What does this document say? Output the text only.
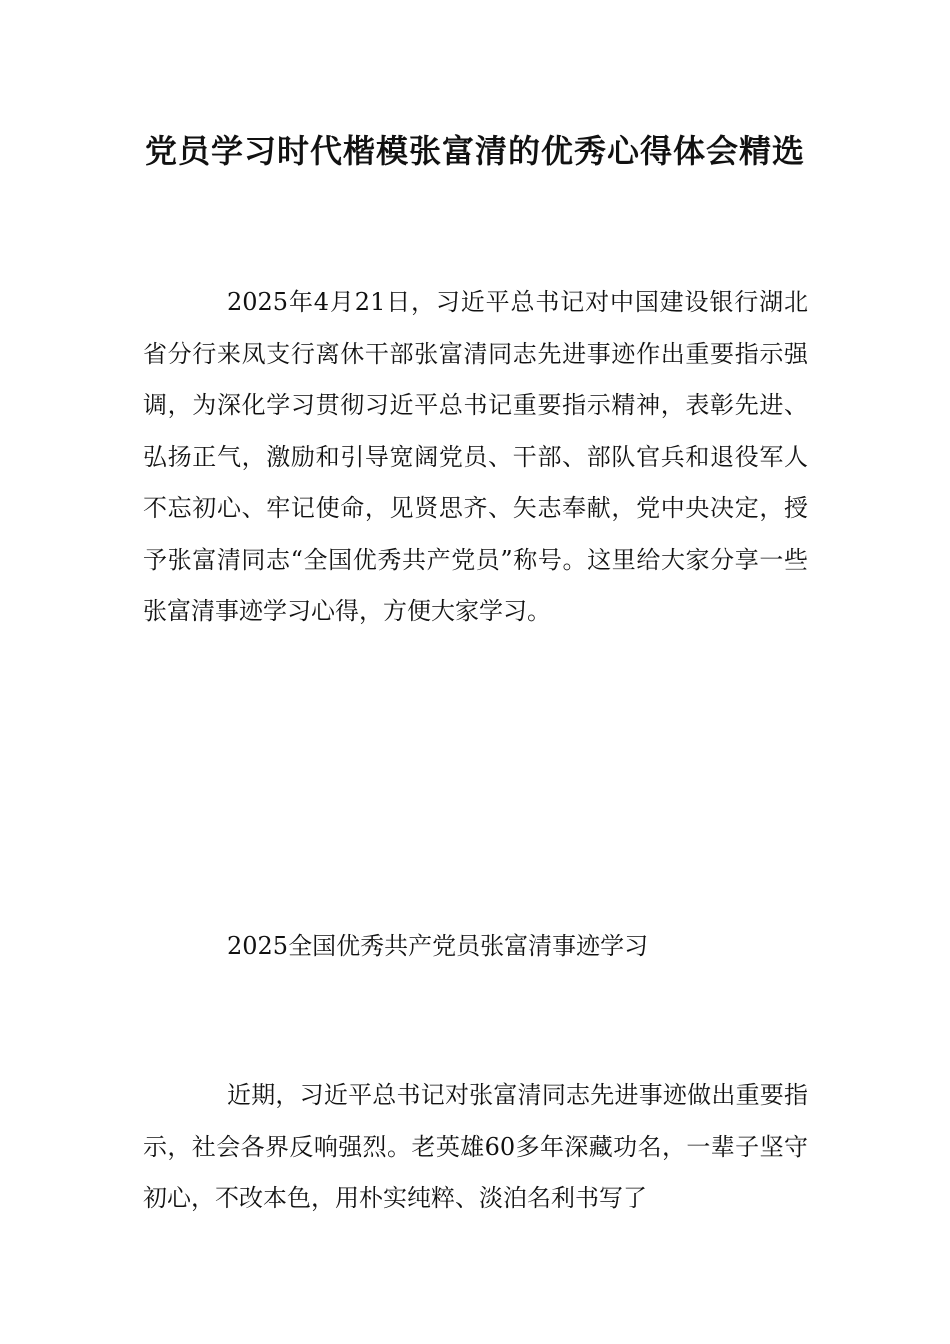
党员学习时代楷模张富清的优秀心得体会精选

2025年4月21日，习近平总书记对中国建设银行湖北省分行来凤支行离休干部张富清同志先进事迹作出重要指示强调，为深化学习贯彻习近平总书记重要指示精神，表彰先进、弘扬正气，激励和引导宽阔党员、干部、部队官兵和退役军人不忘初心、牢记使命，见贤思齐、矢志奉献，党中央决定，授予张富清同志“全国优秀共产党员”称号。这里给大家分享一些张富清事迹学习心得，方便大家学习。

2025全国优秀共产党员张富清事迹学习

近期，习近平总书记对张富清同志先进事迹做出重要指示，社会各界反响强烈。老英雄60多年深藏功名，一辈子坚守初心，不改本色，用朴实纯粹、淡泊名利书写了
